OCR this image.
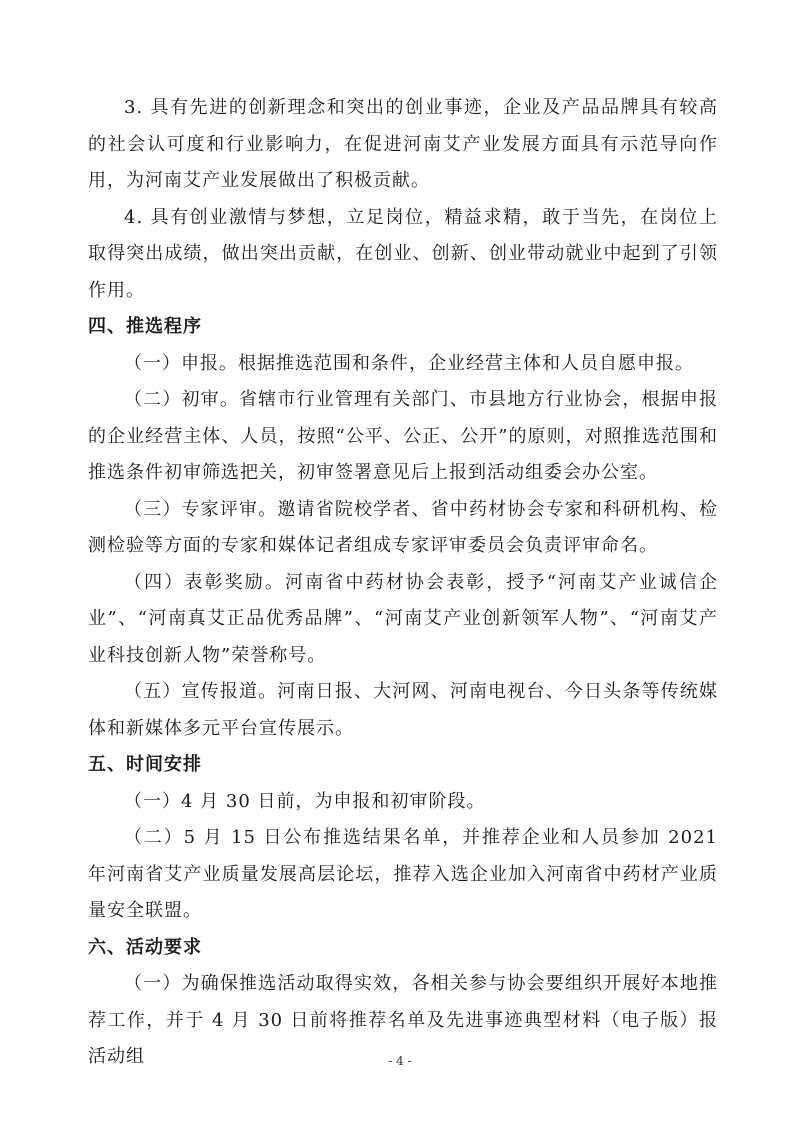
3. 具有先进的创新理念和突出的创业事迹，企业及产品品牌具有较高的社会认可度和行业影响力，在促进河南艾产业发展方面具有示范导向作用，为河南艾产业发展做出了积极贡献。

4. 具有创业激情与梦想，立足岗位，精益求精，敢于当先，在岗位上取得突出成绩，做出突出贡献，在创业、创新、创业带动就业中起到了引领作用。

四、推选程序

（一）申报。根据推选范围和条件，企业经营主体和人员自愿申报。

（二）初审。省辖市行业管理有关部门、市县地方行业协会，根据申报的企业经营主体、人员，按照“公平、公正、公开”的原则，对照推选范围和推选条件初审筛选把关，初审签署意见后上报到活动组委会办公室。

（三）专家评审。邀请省院校学者、省中药材协会专家和科研机构、检测检验等方面的专家和媒体记者组成专家评审委员会负责评审命名。

（四）表彰奖励。河南省中药材协会表彰，授予“河南艾产业诚信企业”、“河南真艾正品优秀品牌”、“河南艾产业创新领军人物”、“河南艾产业科技创新人物”荣誉称号。

（五）宣传报道。河南日报、大河网、河南电视台、今日头条等传统媒体和新媒体多元平台宣传展示。

五、时间安排

（一）4 月 30 日前，为申报和初审阶段。

（二）5 月 15 日公布推选结果名单，并推荐企业和人员参加 2021 年河南省艾产业质量发展高层论坛，推荐入选企业加入河南省中药材产业质量安全联盟。

六、活动要求

（一）为确保推选活动取得实效，各相关参与协会要组织开展好本地推荐工作，并于 4 月 30 日前将推荐名单及先进事迹典型材料（电子版）报活动组	- 4 -
